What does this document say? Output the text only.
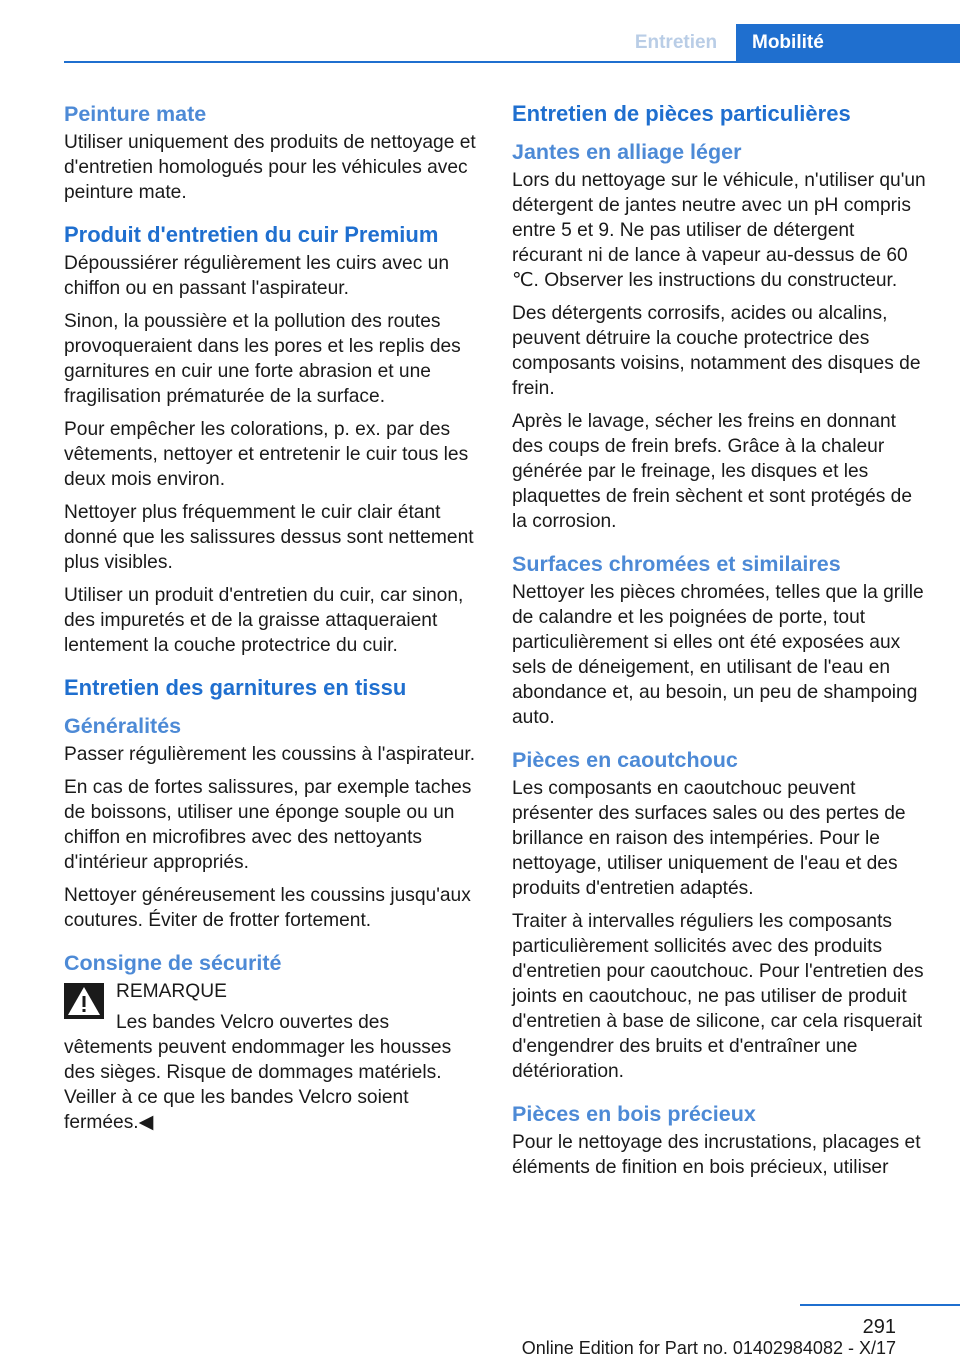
Entretien	Mobilité
Peinture mate

Utiliser uniquement des produits de nettoyage et d'entretien homologués pour les véhicules avec peinture mate.

Produit d'entretien du cuir Premium

Dépoussiérer régulièrement les cuirs avec un chiffon ou en passant l'aspirateur.

Sinon, la poussière et la pollution des routes provoqueraient dans les pores et les replis des garnitures en cuir une forte abrasion et une fragilisation prématurée de la surface.

Pour empêcher les colorations, p. ex. par des vêtements, nettoyer et entretenir le cuir tous les deux mois environ.

Nettoyer plus fréquemment le cuir clair étant donné que les salissures dessus sont nettement plus visibles.

Utiliser un produit d'entretien du cuir, car sinon, des impuretés et de la graisse attaqueraient lentement la couche protectrice du cuir.

Entretien des garnitures en tissu
Généralités

Passer régulièrement les coussins à l'aspirateur.

En cas de fortes salissures, par exemple taches de boissons, utiliser une éponge souple ou un chiffon en microfibres avec des nettoyants d'intérieur appropriés.

Nettoyer généreusement les coussins jusqu'aux coutures. Éviter de frotter fortement.

Consigne de sécurité
REMARQUE

Les bandes Velcro ouvertes des vêtements peuvent endommager les housses des sièges. Risque de dommages matériels. Veiller à ce que les bandes Velcro soient fermées.◀

Entretien de pièces particulières
Jantes en alliage léger

Lors du nettoyage sur le véhicule, n'utiliser qu'un détergent de jantes neutre avec un pH compris entre 5 et 9. Ne pas utiliser de détergent récurant ni de lance à vapeur au-dessus de 60 ℃. Observer les instructions du constructeur.

Des détergents corrosifs, acides ou alcalins, peuvent détruire la couche protectrice des composants voisins, notamment des disques de frein.

Après le lavage, sécher les freins en donnant des coups de frein brefs. Grâce à la chaleur générée par le freinage, les disques et les plaquettes de frein sèchent et sont protégés de la corrosion.

Surfaces chromées et similaires

Nettoyer les pièces chromées, telles que la grille de calandre et les poignées de porte, tout particulièrement si elles ont été exposées aux sels de déneigement, en utilisant de l'eau en abondance et, au besoin, un peu de shampoing auto.

Pièces en caoutchouc

Les composants en caoutchouc peuvent présenter des surfaces sales ou des pertes de brillance en raison des intempéries. Pour le nettoyage, utiliser uniquement de l'eau et des produits d'entretien adaptés.

Traiter à intervalles réguliers les composants particulièrement sollicités avec des produits d'entretien pour caoutchouc. Pour l'entretien des joints en caoutchouc, ne pas utiliser de produit d'entretien à base de silicone, car cela risquerait d'engendrer des bruits et d'entraîner une détérioration.

Pièces en bois précieux

Pour le nettoyage des incrustations, placages et éléments de finition en bois précieux, utiliser

291
Online Edition for Part no. 01402984082 - X/17
